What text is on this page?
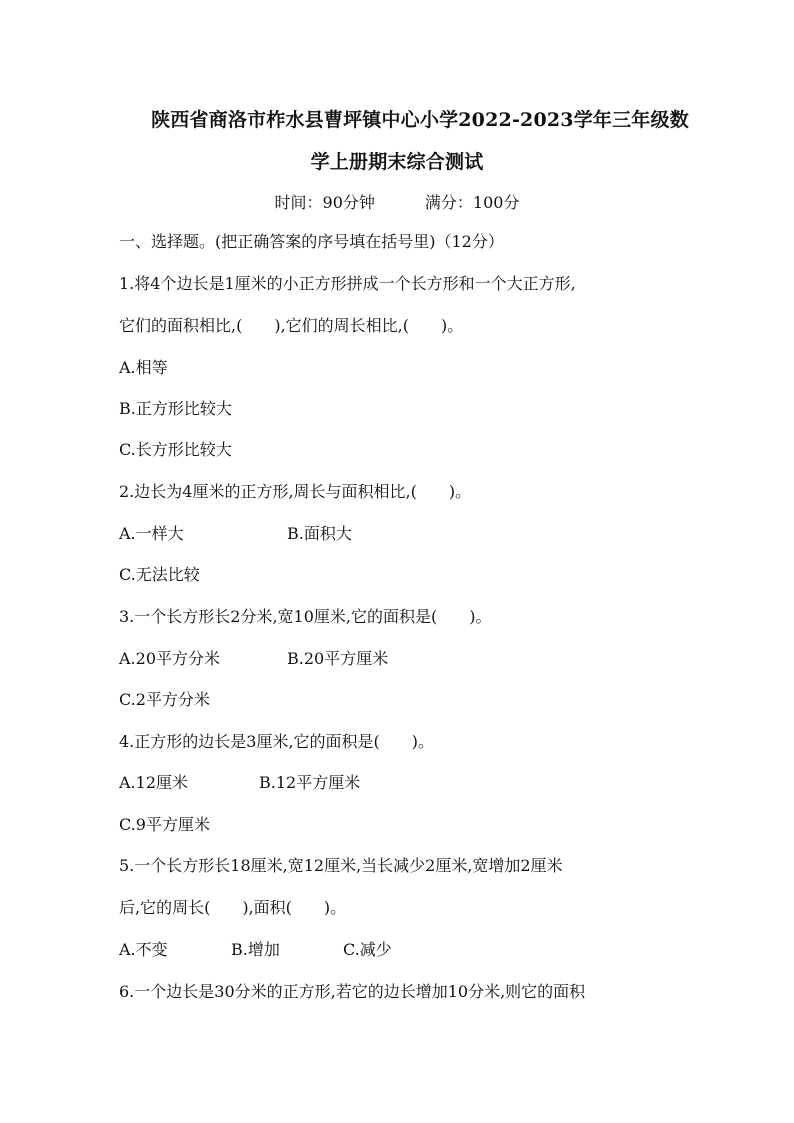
陕西省商洛市柞水县曹坪镇中心小学2022-2023学年三年级数
学上册期末综合测试
时间：90分钟	满分：100分
一、选择题。(把正确答案的序号填在括号里)（12分）
1.将4个边长是1厘米的小正方形拼成一个长方形和一个大正方形,
它们的面积相比,(　　),它们的周长相比,(　　)。
A.相等
B.正方形比较大
C.长方形比较大
2.边长为4厘米的正方形,周长与面积相比,(　　)。
A.一样大	B.面积大
C.无法比较
3.一个长方形长2分米,宽10厘米,它的面积是(　　)。
A.20平方分米	B.20平方厘米
C.2平方分米
4.正方形的边长是3厘米,它的面积是(　　)。
A.12厘米	B.12平方厘米
C.9平方厘米
5.一个长方形长18厘米,宽12厘米,当长减少2厘米,宽增加2厘米
后,它的周长(　　),面积(　　)。
A.不变	B.增加	C.减少
6.一个边长是30分米的正方形,若它的边长增加10分米,则它的面积
